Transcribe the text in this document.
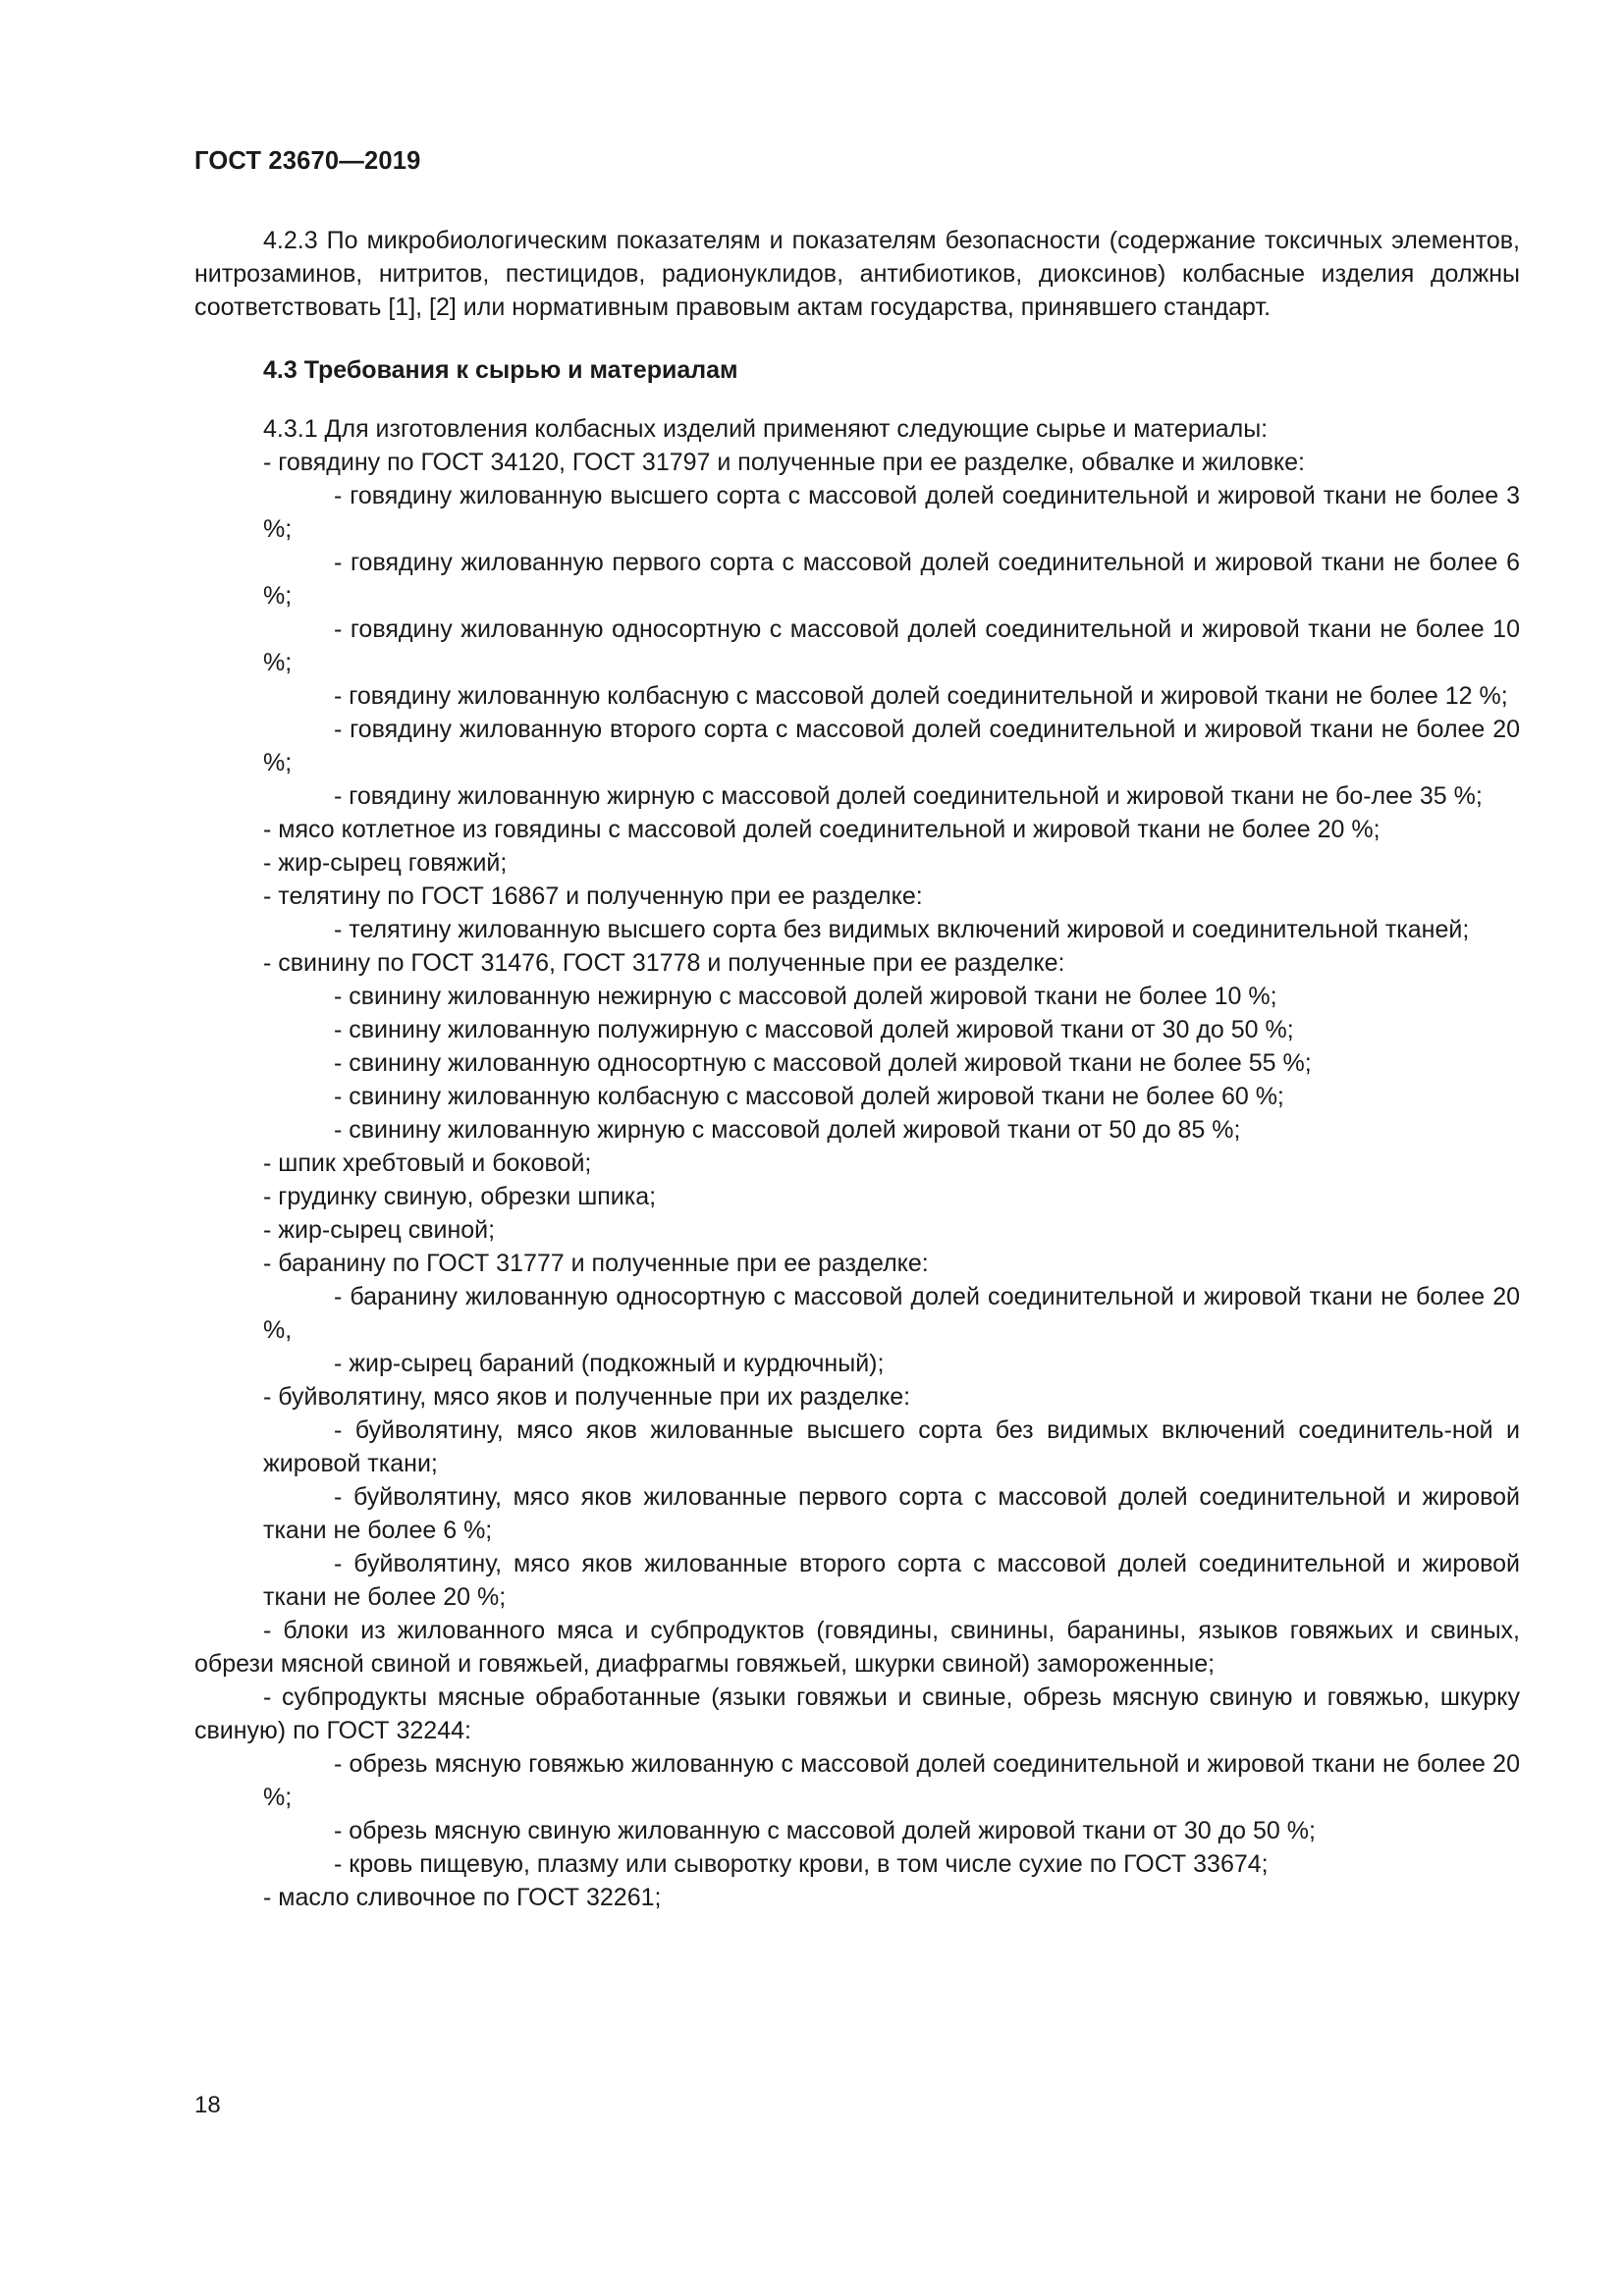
ГОСТ 23670—2019

4.2.3 По микробиологическим показателям и показателям безопасности (содержание токсичных элементов, нитрозаминов, нитритов, пестицидов, радионуклидов, антибиотиков, диоксинов) колбасные изделия должны соответствовать [1], [2] или нормативным правовым актам государства, принявшего стандарт.

4.3 Требования к сырью и материалам

4.3.1 Для изготовления колбасных изделий применяют следующие сырье и материалы:

- говядину по ГОСТ 34120, ГОСТ 31797 и полученные при ее разделке, обвалке и жиловке:

- говядину жилованную высшего сорта с массовой долей соединительной и жировой ткани не более 3 %;

- говядину жилованную первого сорта с массовой долей соединительной и жировой ткани не более 6 %;

- говядину жилованную односортную с массовой долей соединительной и жировой ткани не более 10 %;

- говядину жилованную колбасную с массовой долей соединительной и жировой ткани не более 12 %;

- говядину жилованную второго сорта с массовой долей соединительной и жировой ткани не более 20 %;

- говядину жилованную жирную с массовой долей соединительной и жировой ткани не бо-лее 35 %;

- мясо котлетное из говядины с массовой долей соединительной и жировой ткани не более 20 %;

- жир-сырец говяжий;

- телятину по ГОСТ 16867 и полученную при ее разделке:

- телятину жилованную высшего сорта без видимых включений жировой и соединительной тканей;

- свинину по ГОСТ 31476, ГОСТ 31778 и полученные при ее разделке:

- свинину жилованную нежирную с массовой долей жировой ткани не более 10 %;

- свинину жилованную полужирную с массовой долей жировой ткани от 30 до 50 %;

- свинину жилованную односортную с массовой долей жировой ткани не более 55 %;

- свинину жилованную колбасную с массовой долей жировой ткани не более 60 %;

- свинину жилованную жирную с массовой долей жировой ткани от 50 до 85 %;

- шпик хребтовый и боковой;

- грудинку свиную, обрезки шпика;

- жир-сырец свиной;

- баранину по ГОСТ 31777 и полученные при ее разделке:

- баранину жилованную односортную с массовой долей соединительной и жировой ткани не более 20 %,

- жир-сырец бараний (подкожный и курдючный);

- буйволятину, мясо яков и полученные при их разделке:

- буйволятину, мясо яков жилованные высшего сорта без видимых включений соединитель-ной и жировой ткани;

- буйволятину, мясо яков жилованные первого сорта с массовой долей соединительной и жировой ткани не более 6 %;

- буйволятину, мясо яков жилованные второго сорта с массовой долей соединительной и жировой ткани не более 20 %;

- блоки из жилованного мяса и субпродуктов (говядины, свинины, баранины, языков говяжьих и свиных, обрези мясной свиной и говяжьей, диафрагмы говяжьей, шкурки свиной) замороженные;

- субпродукты мясные обработанные (языки говяжьи и свиные, обрезь мясную свиную и говяжью, шкурку свиную) по ГОСТ 32244:

- обрезь мясную говяжью жилованную с массовой долей соединительной и жировой ткани не более 20 %;

- обрезь мясную свиную жилованную с массовой долей жировой ткани от 30 до 50 %;

- кровь пищевую, плазму или сыворотку крови, в том числе сухие по ГОСТ 33674;

- масло сливочное по ГОСТ 32261;

18
